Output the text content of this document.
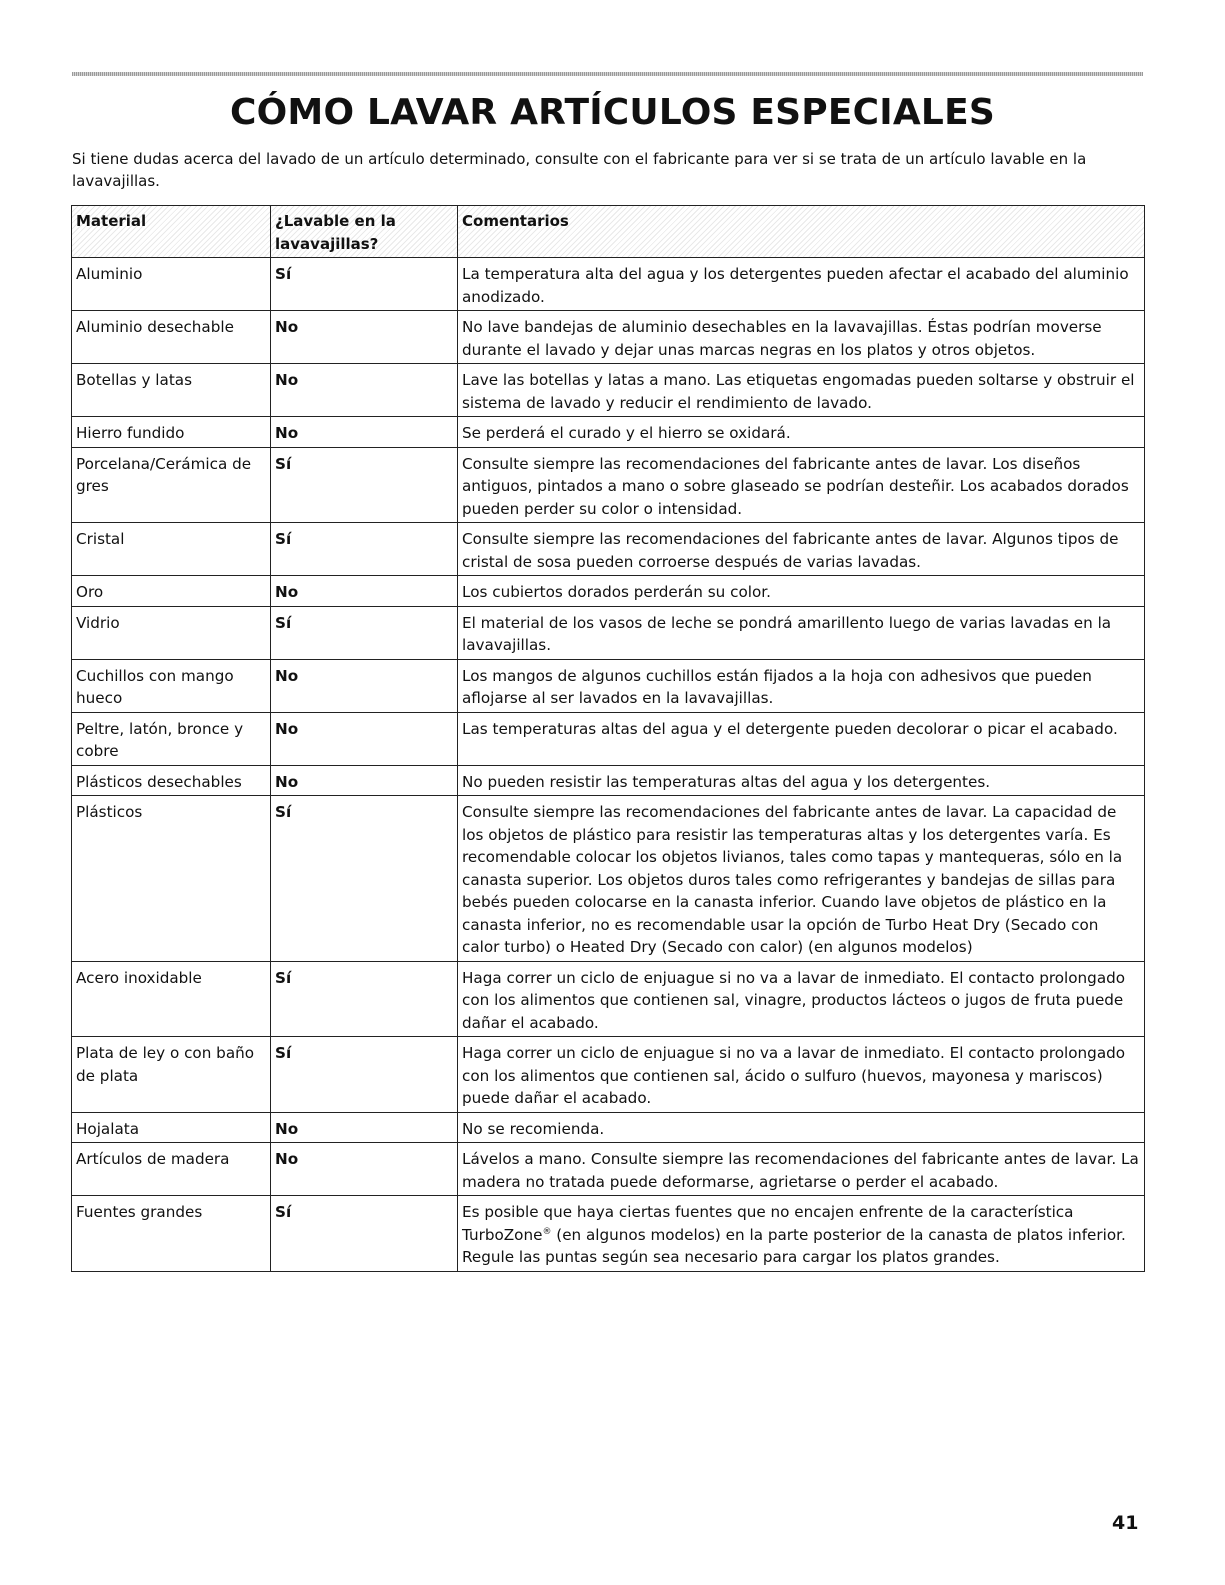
CÓMO LAVAR ARTÍCULOS ESPECIALES

Si tiene dudas acerca del lavado de un artículo determinado, consulte con el fabricante para ver si se trata de un artículo lavable en la lavavajillas.

Material	¿Lavable en la lavavajillas?	Comentarios
Aluminio	Sí	La temperatura alta del agua y los detergentes pueden afectar el acabado del aluminio anodizado.
Aluminio desechable	No	No lave bandejas de aluminio desechables en la lavavajillas. Éstas podrían moverse durante el lavado y dejar unas marcas negras en los platos y otros objetos.
Botellas y latas	No	Lave las botellas y latas a mano. Las etiquetas engomadas pueden soltarse y obstruir el sistema de lavado y reducir el rendimiento de lavado.
Hierro fundido	No	Se perderá el curado y el hierro se oxidará.
Porcelana/Cerámica de gres	Sí	Consulte siempre las recomendaciones del fabricante antes de lavar. Los diseños antiguos, pintados a mano o sobre glaseado se podrían desteñir. Los acabados dorados pueden perder su color o intensidad.
Cristal	Sí	Consulte siempre las recomendaciones del fabricante antes de lavar. Algunos tipos de cristal de sosa pueden corroerse después de varias lavadas.
Oro	No	Los cubiertos dorados perderán su color.
Vidrio	Sí	El material de los vasos de leche se pondrá amarillento luego de varias lavadas en la lavavajillas.
Cuchillos con mango hueco	No	Los mangos de algunos cuchillos están fijados a la hoja con adhesivos que pueden aflojarse al ser lavados en la lavavajillas.
Peltre, latón, bronce y cobre	No	Las temperaturas altas del agua y el detergente pueden decolorar o picar el acabado.
Plásticos desechables	No	No pueden resistir las temperaturas altas del agua y los detergentes.
Plásticos	Sí	Consulte siempre las recomendaciones del fabricante antes de lavar. La capacidad de los objetos de plástico para resistir las temperaturas altas y los detergentes varía. Es recomendable colocar los objetos livianos, tales como tapas y mantequeras, sólo en la canasta superior. Los objetos duros tales como refrigerantes y bandejas de sillas para bebés pueden colocarse en la canasta inferior. Cuando lave objetos de plástico en la canasta inferior, no es recomendable usar la opción de Turbo Heat Dry (Secado con calor turbo) o Heated Dry (Secado con calor) (en algunos modelos)
Acero inoxidable	Sí	Haga correr un ciclo de enjuague si no va a lavar de inmediato. El contacto prolongado con los alimentos que contienen sal, vinagre, productos lácteos o jugos de fruta puede dañar el acabado.
Plata de ley o con baño de plata	Sí	Haga correr un ciclo de enjuague si no va a lavar de inmediato. El contacto prolongado con los alimentos que contienen sal, ácido o sulfuro (huevos, mayonesa y mariscos) puede dañar el acabado.
Hojalata	No	No se recomienda.
Artículos de madera	No	Lávelos a mano. Consulte siempre las recomendaciones del fabricante antes de lavar. La madera no tratada puede deformarse, agrietarse o perder el acabado.
Fuentes grandes	Sí	Es posible que haya ciertas fuentes que no encajen enfrente de la característica TurboZone® (en algunos modelos) en la parte posterior de la canasta de platos inferior. Regule las puntas según sea necesario para cargar los platos grandes.
41
